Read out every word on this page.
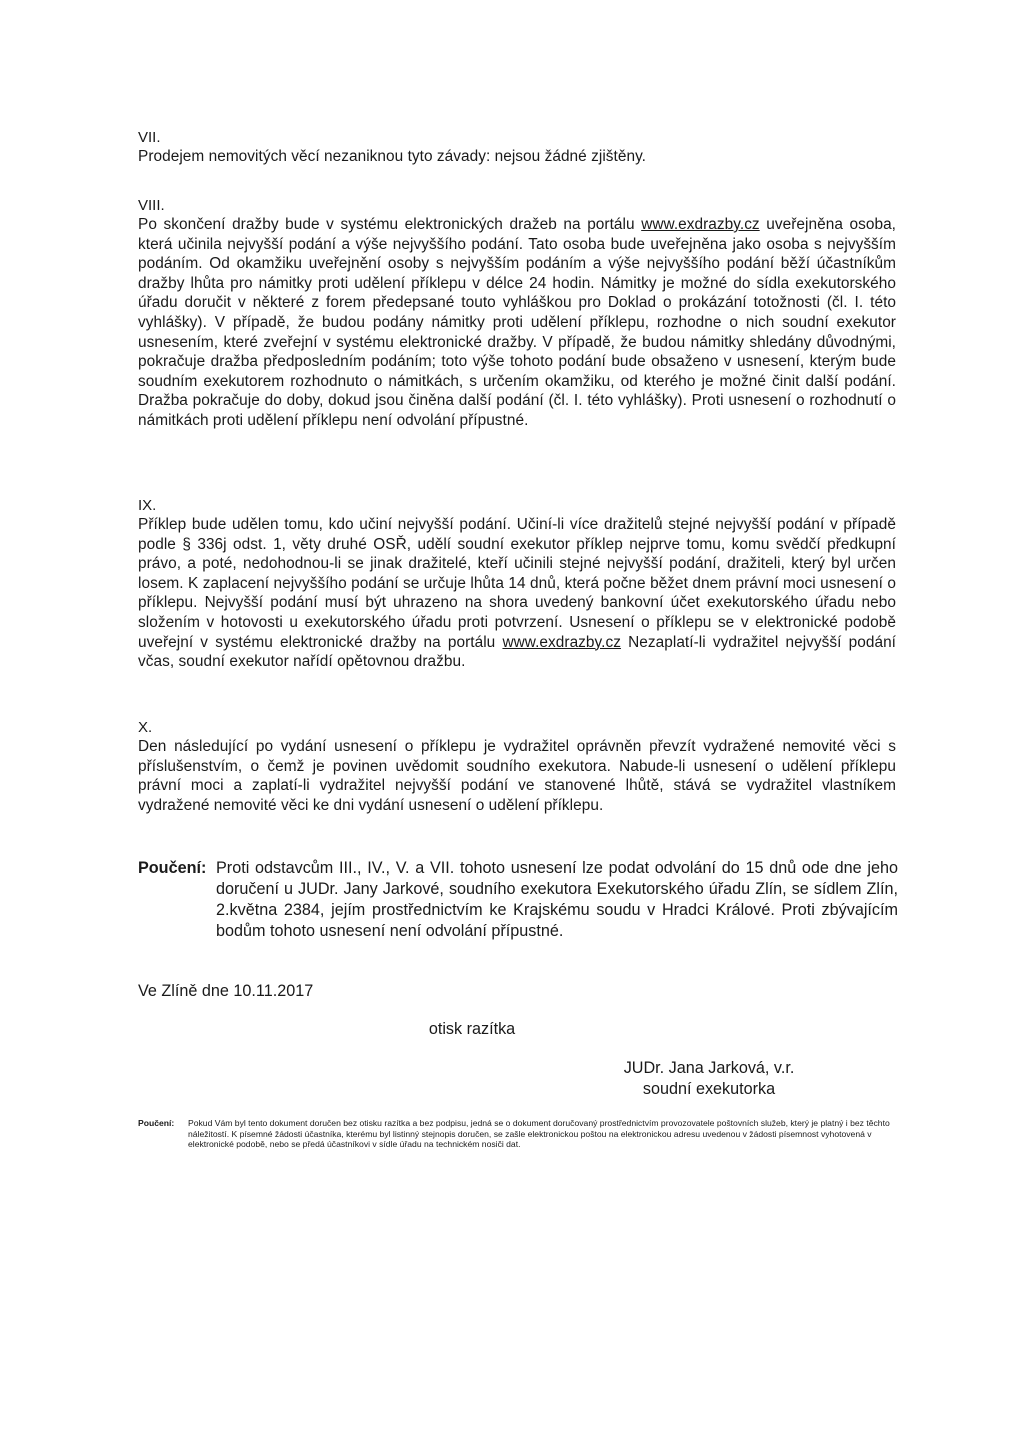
VII.

Prodejem nemovitých věcí nezaniknou tyto závady: nejsou žádné zjištěny.

VIII.

Po skončení dražby bude v systému elektronických dražeb na portálu www.exdrazby.cz uveřejněna osoba, která učinila nejvyšší podání a výše nejvyššího podání. Tato osoba bude uveřejněna jako osoba s nejvyšším podáním. Od okamžiku uveřejnění osoby s nejvyšším podáním a výše nejvyššího podání běží účastníkům dražby lhůta pro námitky proti udělení příklepu v délce 24 hodin. Námitky je možné do sídla exekutorského úřadu doručit v některé z forem předepsané touto vyhláškou pro Doklad o prokázání totožnosti (čl. I. této vyhlášky). V případě, že budou podány námitky proti udělení příklepu, rozhodne o nich soudní exekutor usnesením, které zveřejní v systému elektronické dražby. V případě, že budou námitky shledány důvodnými, pokračuje dražba předposledním podáním; toto výše tohoto podání bude obsaženo v usnesení, kterým bude soudním exekutorem rozhodnuto o námitkách, s určením okamžiku, od kterého je možné činit další podání. Dražba pokračuje do doby, dokud jsou činěna další podání (čl. I. této vyhlášky). Proti usnesení o rozhodnutí o námitkách proti udělení příklepu není odvolání přípustné.

IX.

Příklep bude udělen tomu, kdo učiní nejvyšší podání. Učiní-li více dražitelů stejné nejvyšší podání v případě podle § 336j odst. 1, věty druhé OSŘ, udělí soudní exekutor příklep nejprve tomu, komu svědčí předkupní právo, a poté, nedohodnou-li se jinak dražitelé, kteří učinili stejné nejvyšší podání, dražiteli, který byl určen losem. K zaplacení nejvyššího podání se určuje lhůta 14 dnů, která počne běžet dnem právní moci usnesení o příklepu. Nejvyšší podání musí být uhrazeno na shora uvedený bankovní účet exekutorského úřadu nebo složením v hotovosti u exekutorského úřadu proti potvrzení. Usnesení o příklepu se v elektronické podobě uveřejní v systému elektronické dražby na portálu www.exdrazby.cz Nezaplatí-li vydražitel nejvyšší podání včas, soudní exekutor nařídí opětovnou dražbu.

X.

Den následující po vydání usnesení o příklepu je vydražitel oprávněn převzít vydražené nemovité věci s příslušenstvím, o čemž je povinen uvědomit soudního exekutora. Nabude-li usnesení o udělení příklepu právní moci a zaplatí-li vydražitel nejvyšší podání ve stanovené lhůtě, stává se vydražitel vlastníkem vydražené nemovité věci ke dni vydání usnesení o udělení příklepu.

Poučení: Proti odstavcům III., IV., V. a VII. tohoto usnesení lze podat odvolání do 15 dnů ode dne jeho doručení u JUDr. Jany Jarkové, soudního exekutora Exekutorského úřadu Zlín, se sídlem Zlín, 2.května 2384, jejím prostřednictvím ke Krajskému soudu v Hradci Králové. Proti zbývajícím bodům tohoto usnesení není odvolání přípustné.
Ve Zlíně dne 10.11.2017
otisk razítka
JUDr. Jana Jarková, v.r.
soudní exekutorka
Poučení: Pokud Vám byl tento dokument doručen bez otisku razítka a bez podpisu, jedná se o dokument doručovaný prostřednictvím provozovatele poštovních služeb, který je platný i bez těchto náležitostí. K písemné žádosti účastníka, kterému byl listinný stejnopis doručen, se zašle elektronickou poštou na elektronickou adresu uvedenou v žádosti písemnost vyhotovená v elektronické podobě, nebo se předá účastníkovi v sídle úřadu na technickém nosiči dat.
